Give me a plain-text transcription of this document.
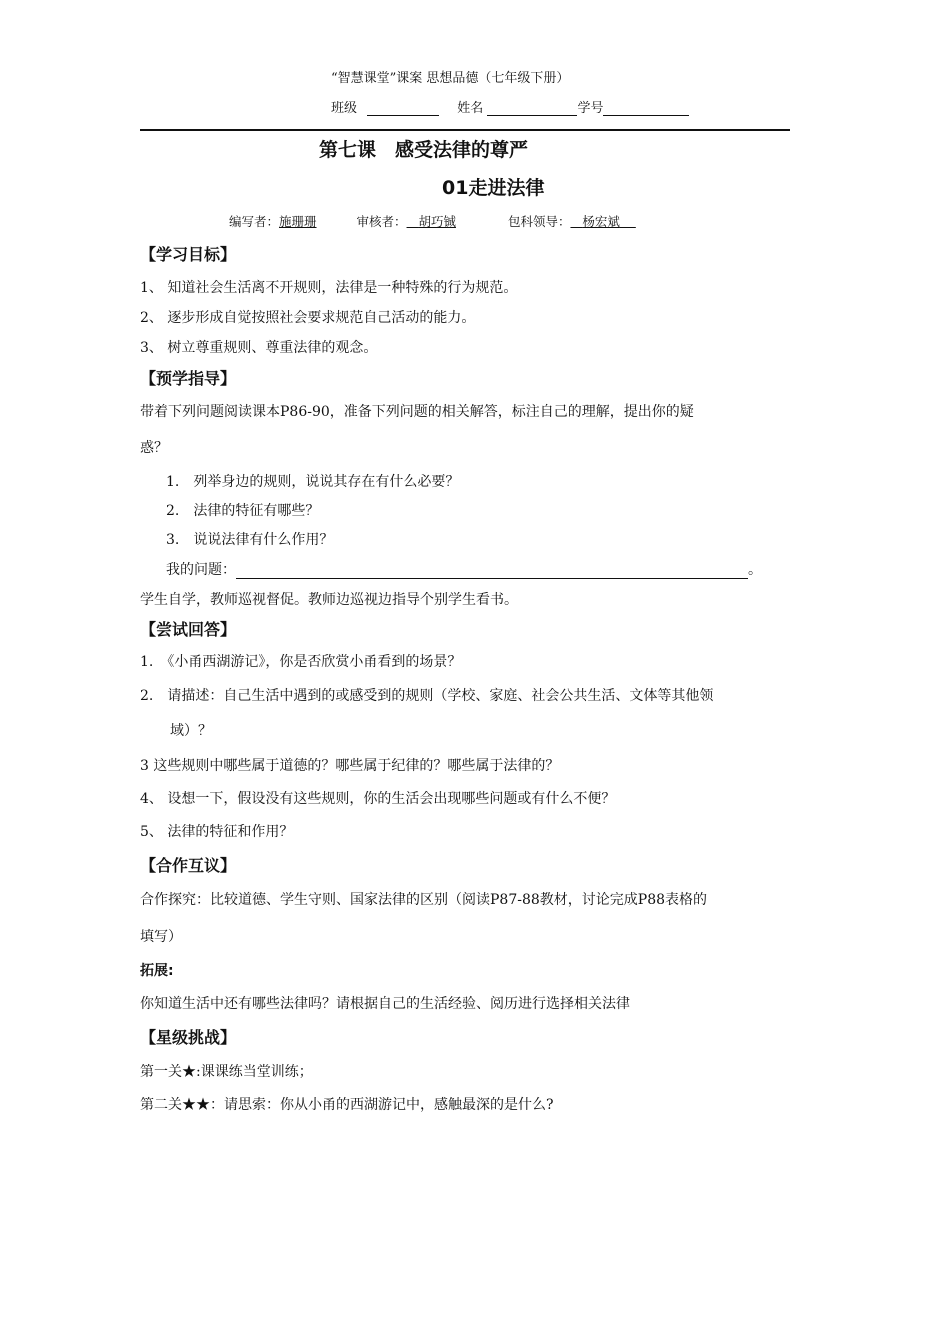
“智慧课堂”课案 思想品德（七年级下册）
班级	姓名	学号
第七课　感受法律的尊严
01走进法律
编写者：施珊珊	审核者： 胡巧铖	包科领导： 杨宏斌
【学习目标】
1、 知道社会生活离不开规则，法律是一种特殊的行为规范。
2、 逐步形成自觉按照社会要求规范自己活动的能力。
3、 树立尊重规则、尊重法律的观念。
【预学指导】
带着下列问题阅读课本P86-90，准备下列问题的相关解答，标注自己的理解，提出你的疑
惑？
1.　列举身边的规则，说说其存在有什么必要？
2.　法律的特征有哪些？
3.　说说法律有什么作用？
我的问题：	。
学生自学，教师巡视督促。教师边巡视边指导个别学生看书。
【尝试回答】
1.　《小甬西湖游记》，你是否欣赏小甬看到的场景？
2.　请描述：自己生活中遇到的或感受到的规则（学校、家庭、社会公共生活、文体等其他领
域）？
3 这些规则中哪些属于道德的？哪些属于纪律的？哪些属于法律的？
4、 设想一下，假设没有这些规则，你的生活会出现哪些问题或有什么不便？
5、 法律的特征和作用？
【合作互议】
合作探究：比较道德、学生守则、国家法律的区别（阅读P87-88教材，讨论完成P88表格的
填写）
拓展:
你知道生活中还有哪些法律吗？请根据自己的生活经验、阅历进行选择相关法律
【星级挑战】
第一关★:课课练当堂训练；
第二关★★：请思索：你从小甬的西湖游记中，感触最深的是什么?
